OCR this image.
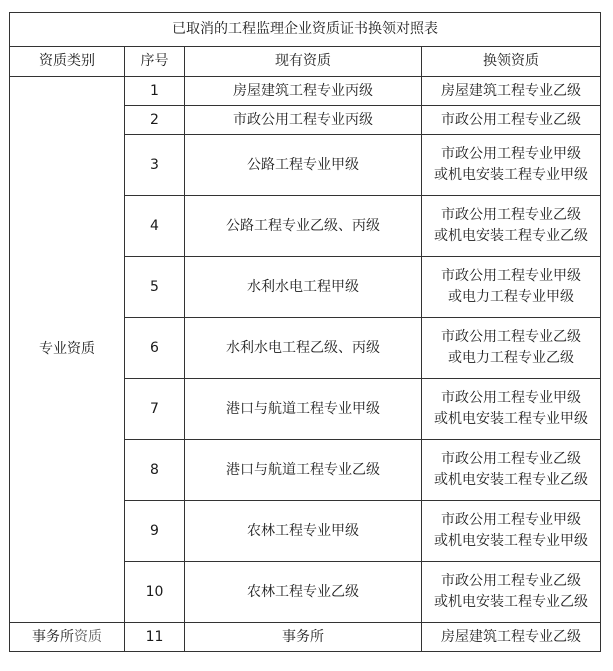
已取消的工程监理企业资质证书换领对照表			
资质类别	序号	现有资质	换领资质
专业资质	1	房屋建筑工程专业丙级	房屋建筑工程专业乙级
	2	市政公用工程专业丙级	市政公用工程专业乙级
	3	公路工程专业甲级	市政公用工程专业甲级
或机电安装工程专业甲级
	4	公路工程专业乙级、丙级	市政公用工程专业乙级
或机电安装工程专业乙级
	5	水利水电工程甲级	市政公用工程专业甲级
或电力工程专业甲级
	6	水利水电工程乙级、丙级	市政公用工程专业乙级
或电力工程专业乙级
	7	港口与航道工程专业甲级	市政公用工程专业甲级
或机电安装工程专业甲级
	8	港口与航道工程专业乙级	市政公用工程专业乙级
或机电安装工程专业乙级
	9	农林工程专业甲级	市政公用工程专业甲级
或机电安装工程专业甲级
	10	农林工程专业乙级	市政公用工程专业乙级
或机电安装工程专业乙级
事务所资质	11	事务所	房屋建筑工程专业乙级
